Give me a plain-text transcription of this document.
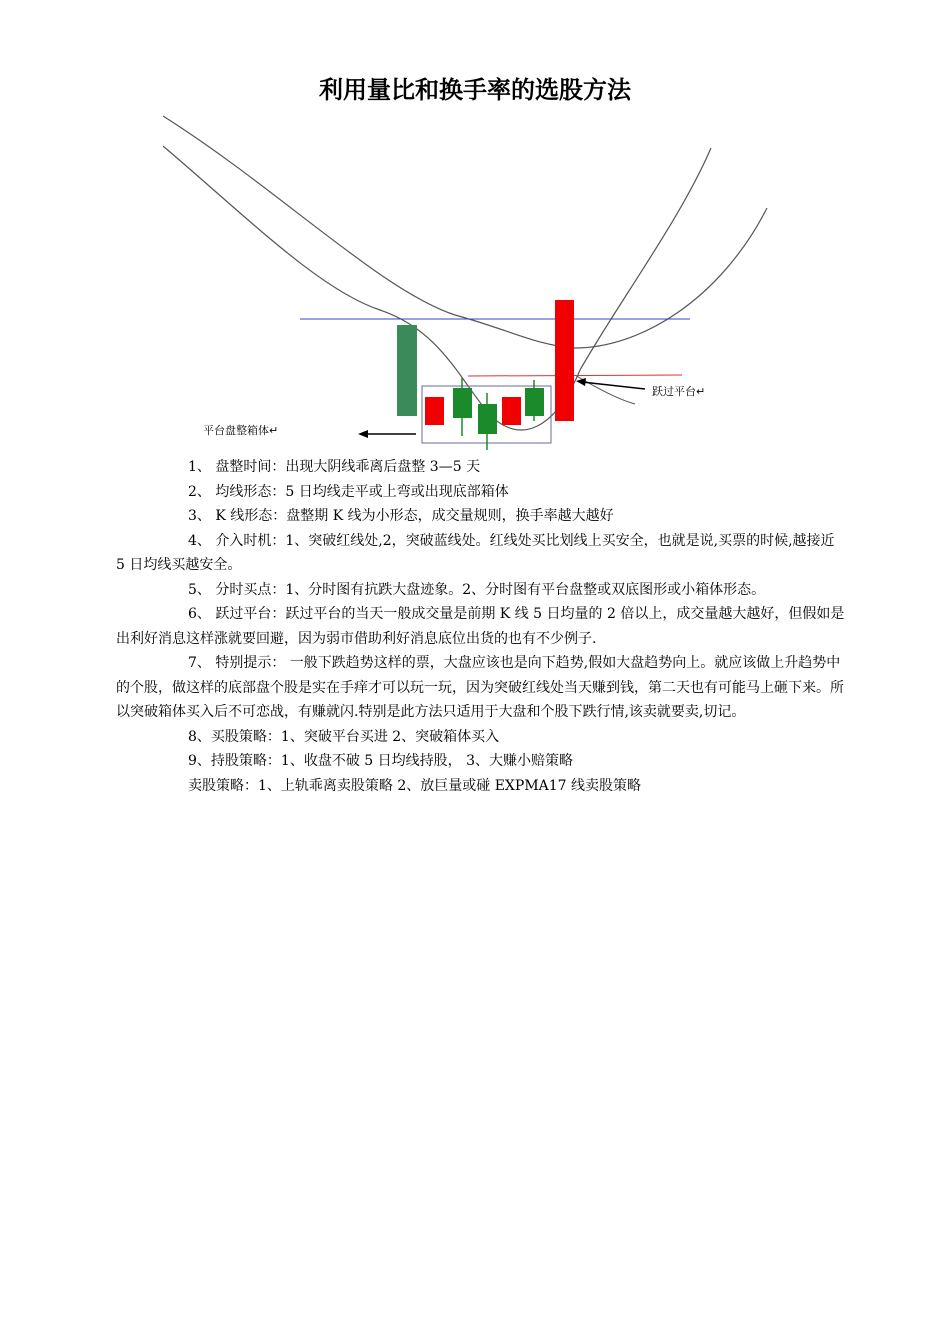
利用量比和换手率的选股方法
平台盘整箱体↵
跃过平台↵

1、 盘整时间：出现大阴线乖离后盘整 3—5 天

2、 均线形态：5 日均线走平或上弯或出现底部箱体

3、 K 线形态：盘整期 K 线为小形态，成交量规则，换手率越大越好

4、 介入时机：1、突破红线处,2，突破蓝线处。红线处买比划线上买安全，也就是说,买票的时候,越接近 5 日均线买越安全。

5、 分时买点：1、分时图有抗跌大盘迹象。2、分时图有平台盘整或双底图形或小箱体形态。

6、 跃过平台：跃过平台的当天一般成交量是前期 K 线 5 日均量的 2 倍以上，成交量越大越好，但假如是出利好消息这样涨就要回避，因为弱市借助利好消息底位出货的也有不少例子.

7、 特别提示： 一般下跌趋势这样的票，大盘应该也是向下趋势,假如大盘趋势向上。就应该做上升趋势中的个股，做这样的底部盘个股是实在手痒才可以玩一玩，因为突破红线处当天赚到钱，第二天也有可能马上砸下来。所以突破箱体买入后不可恋战，有赚就闪.特别是此方法只适用于大盘和个股下跌行情,该卖就要卖,切记。

8、买股策略：1、突破平台买进 2、突破箱体买入

9、持股策略：1、收盘不破 5 日均线持股， 3、大赚小赔策略

卖股策略：1、上轨乖离卖股策略 2、放巨量或碰 EXPMA17 线卖股策略
